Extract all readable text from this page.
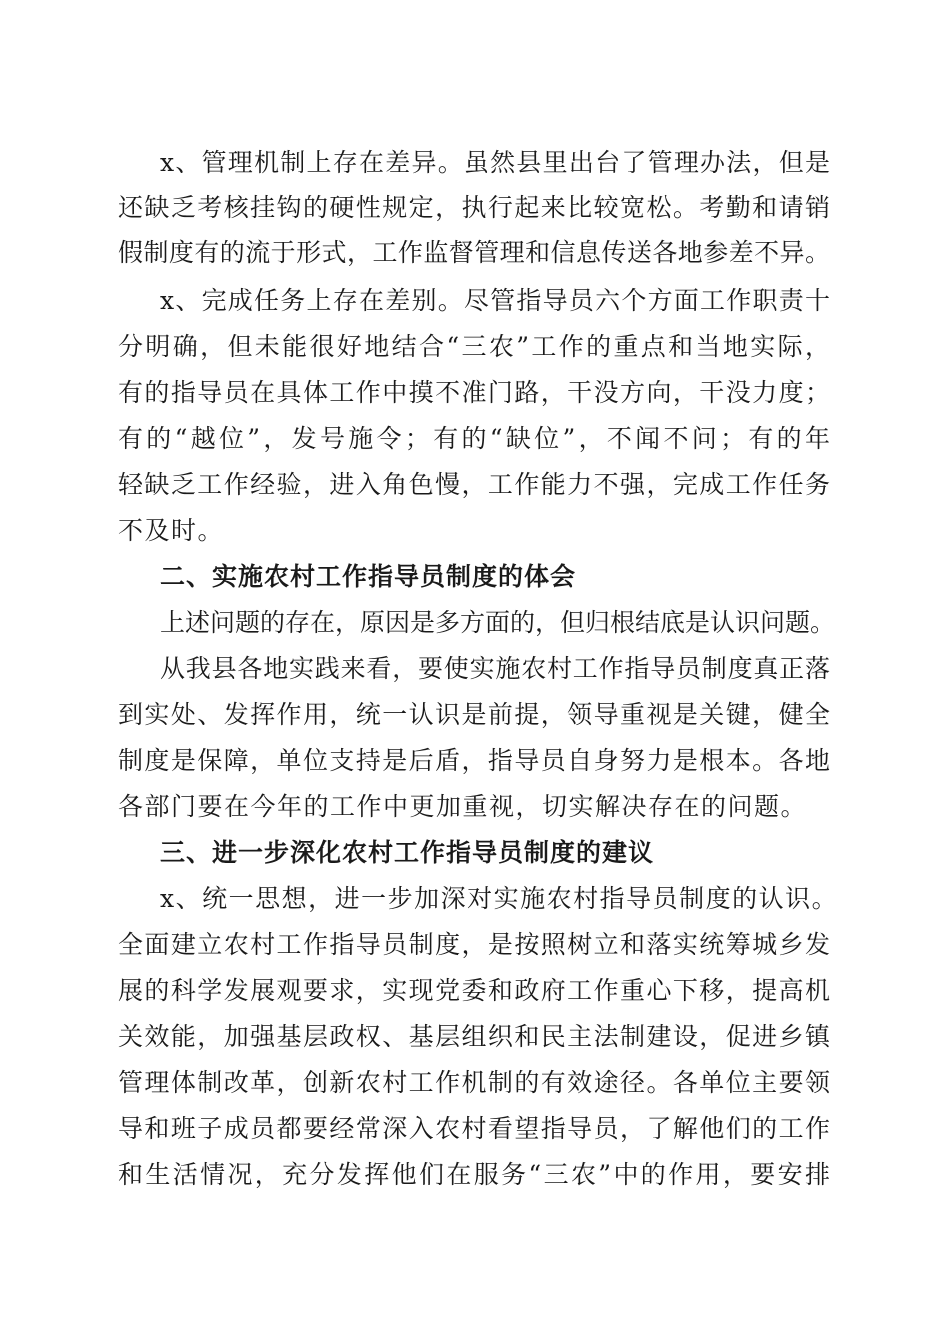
x、管理机制上存在差异。虽然县里出台了管理办法，但是
还缺乏考核挂钩的硬性规定，执行起来比较宽松。考勤和请销
假制度有的流于形式，工作监督管理和信息传送各地参差不异。
x、完成任务上存在差别。尽管指导员六个方面工作职责十
分明确，但未能很好地结合“三农”工作的重点和当地实际，
有的指导员在具体工作中摸不准门路，干没方向，干没力度；
有的“越位”，发号施令；有的“缺位”，不闻不问；有的年
轻缺乏工作经验，进入角色慢，工作能力不强，完成工作任务
不及时。
二、实施农村工作指导员制度的体会
上述问题的存在，原因是多方面的，但归根结底是认识问题。
从我县各地实践来看，要使实施农村工作指导员制度真正落
到实处、发挥作用，统一认识是前提，领导重视是关键，健全
制度是保障，单位支持是后盾，指导员自身努力是根本。各地
各部门要在今年的工作中更加重视，切实解决存在的问题。
三、进一步深化农村工作指导员制度的建议
x、统一思想，进一步加深对实施农村指导员制度的认识。
全面建立农村工作指导员制度，是按照树立和落实统筹城乡发
展的科学发展观要求，实现党委和政府工作重心下移，提高机
关效能，加强基层政权、基层组织和民主法制建设，促进乡镇
管理体制改革，创新农村工作机制的有效途径。各单位主要领
导和班子成员都要经常深入农村看望指导员，了解他们的工作
和生活情况，充分发挥他们在服务“三农”中的作用，要安排
